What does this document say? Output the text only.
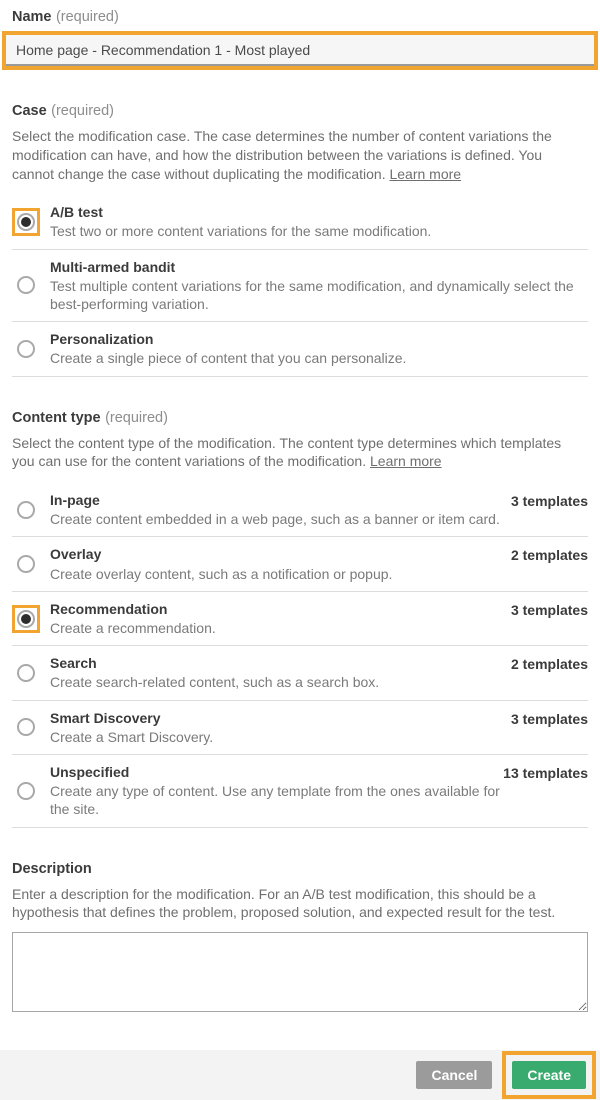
Name (required)
Home page - Recommendation 1 - Most played
Case (required)

Select the modification case. The case determines the number of content variations the modification can have, and how the distribution between the variations is defined. You cannot change the case without duplicating the modification. Learn more

A/B test
Test two or more content variations for the same modification.
Multi-armed bandit
Test multiple content variations for the same modification, and dynamically select the best-performing variation.
Personalization
Create a single piece of content that you can personalize.
Content type (required)

Select the content type of the modification. The content type determines which templates you can use for the content variations of the modification. Learn more

In-page
Create content embedded in a web page, such as a banner or item card.
3 templates
Overlay
Create overlay content, such as a notification or popup.
2 templates
Recommendation
Create a recommendation.
3 templates
Search
Create search-related content, such as a search box.
2 templates
Smart Discovery
Create a Smart Discovery.
3 templates
Unspecified
Create any type of content. Use any template from the ones available for the site.
13 templates
Description

Enter a description for the modification. For an A/B test modification, this should be a hypothesis that defines the problem, proposed solution, and expected result for the test.

Cancel	Create
